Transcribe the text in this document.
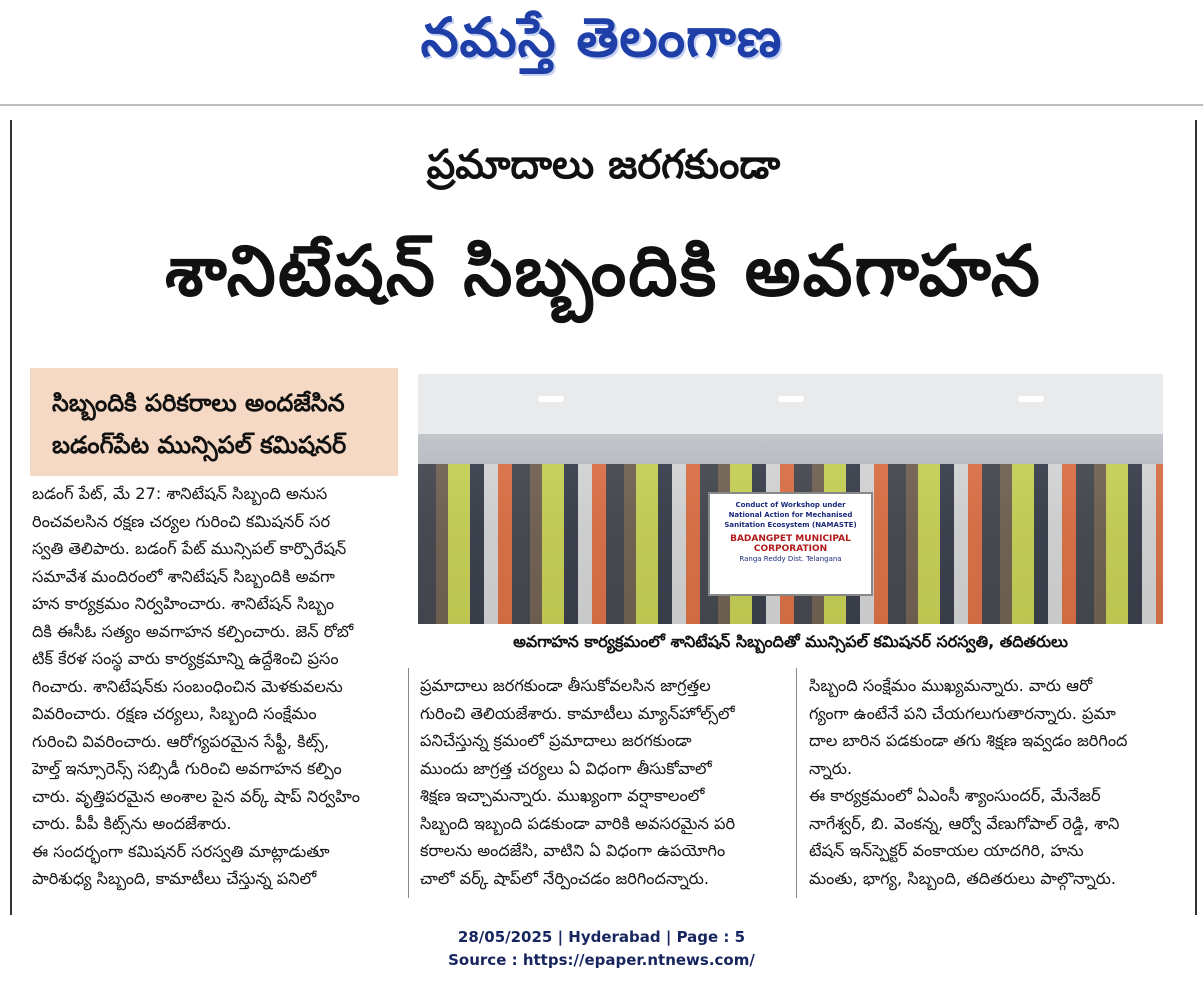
నమస్తే తెలంగాణ
ప్రమాదాలు జరగకుండా
శానిటేషన్ సిబ్బందికి అవగాహన
సిబ్బందికి పరికరాలు అందజేసిన
బడంగ్‌పేట మున్సిపల్ కమిషనర్
Conduct of Workshop under
National Action for Mechanised Sanitation Ecosystem (NAMASTE)
BADANGPET MUNICIPAL CORPORATION
Ranga Reddy Dist. Telangana
అవగాహన కార్యక్రమంలో శానిటేషన్ సిబ్బందితో మున్సిపల్ కమిషనర్ సరస్వతి, తదితరులు
బడంగ్ పేట్, మే 27: శానిటేషన్ సిబ్బంది అనుస
రించవలసిన రక్షణ చర్యల గురించి కమిషనర్ సర
స్వతి తెలిపారు. బడంగ్ పేట్ మున్సిపల్ కార్పొరేషన్
సమావేశ మందిరంలో శానిటేషన్ సిబ్బందికి అవగా
హన కార్యక్రమం నిర్వహించారు. శానిటేషన్ సిబ్బం
దికి ఈసీఓ సత్యం అవగాహన కల్పించారు. జెన్ రోబో
టిక్ కేరళ సంస్థ వారు కార్యక్రమాన్ని ఉద్దేశించి ప్రసం
గించారు. శానిటేషన్‌కు సంబంధించిన మెళకువలను
వివరించారు. రక్షణ చర్యలు, సిబ్బంది సంక్షేమం
గురించి వివరించారు. ఆరోగ్యపరమైన సేఫ్టీ, కిట్స్,
హెల్త్ ఇన్సూరెన్స్ సబ్సిడీ గురించి అవగాహన కల్పిం
చారు. వృత్తిపరమైన అంశాల పైన వర్క్ షాప్ నిర్వహిం
చారు. పీపీ కిట్స్‌ను అందజేశారు.
ఈ సందర్భంగా కమిషనర్ సరస్వతి మాట్లాడుతూ
పారిశుధ్య సిబ్బంది, కామాటీలు చేస్తున్న పనిలో
ప్రమాదాలు జరగకుండా తీసుకోవలసిన జాగ్రత్తల
గురించి తెలియజేశారు. కామాటీలు మ్యాన్‌హోల్స్‌లో
పనిచేస్తున్న క్రమంలో ప్రమాదాలు జరగకుండా
ముందు జాగ్రత్త చర్యలు ఏ విధంగా తీసుకోవాలో
శిక్షణ ఇచ్చామన్నారు. ముఖ్యంగా వర్షాకాలంలో
సిబ్బంది ఇబ్బంది పడకుండా వారికి అవసరమైన పరి
కరాలను అందజేసి, వాటిని ఏ విధంగా ఉపయోగిం
చాలో వర్క్ షాప్‌లో నేర్పించడం జరిగిందన్నారు.
సిబ్బంది సంక్షేమం ముఖ్యమన్నారు. వారు ఆరో
గ్యంగా ఉంటేనే పని చేయగలుగుతారన్నారు. ప్రమా
దాల బారిన పడకుండా తగు శిక్షణ ఇవ్వడం జరిగింద
న్నారు.
ఈ కార్యక్రమంలో ఏఎంసీ శ్యాంసుందర్, మేనేజర్
నాగేశ్వర్, బి. వెంకన్న, ఆర్వో వేణుగోపాల్ రెడ్డి, శాని
టేషన్ ఇన్‌స్పెక్టర్ వంకాయల యాదగిరి, హను
మంతు, భాగ్య, సిబ్బంది, తదితరులు పాల్గొన్నారు.
28/05/2025 | Hyderabad | Page : 5
Source : https://epaper.ntnews.com/
